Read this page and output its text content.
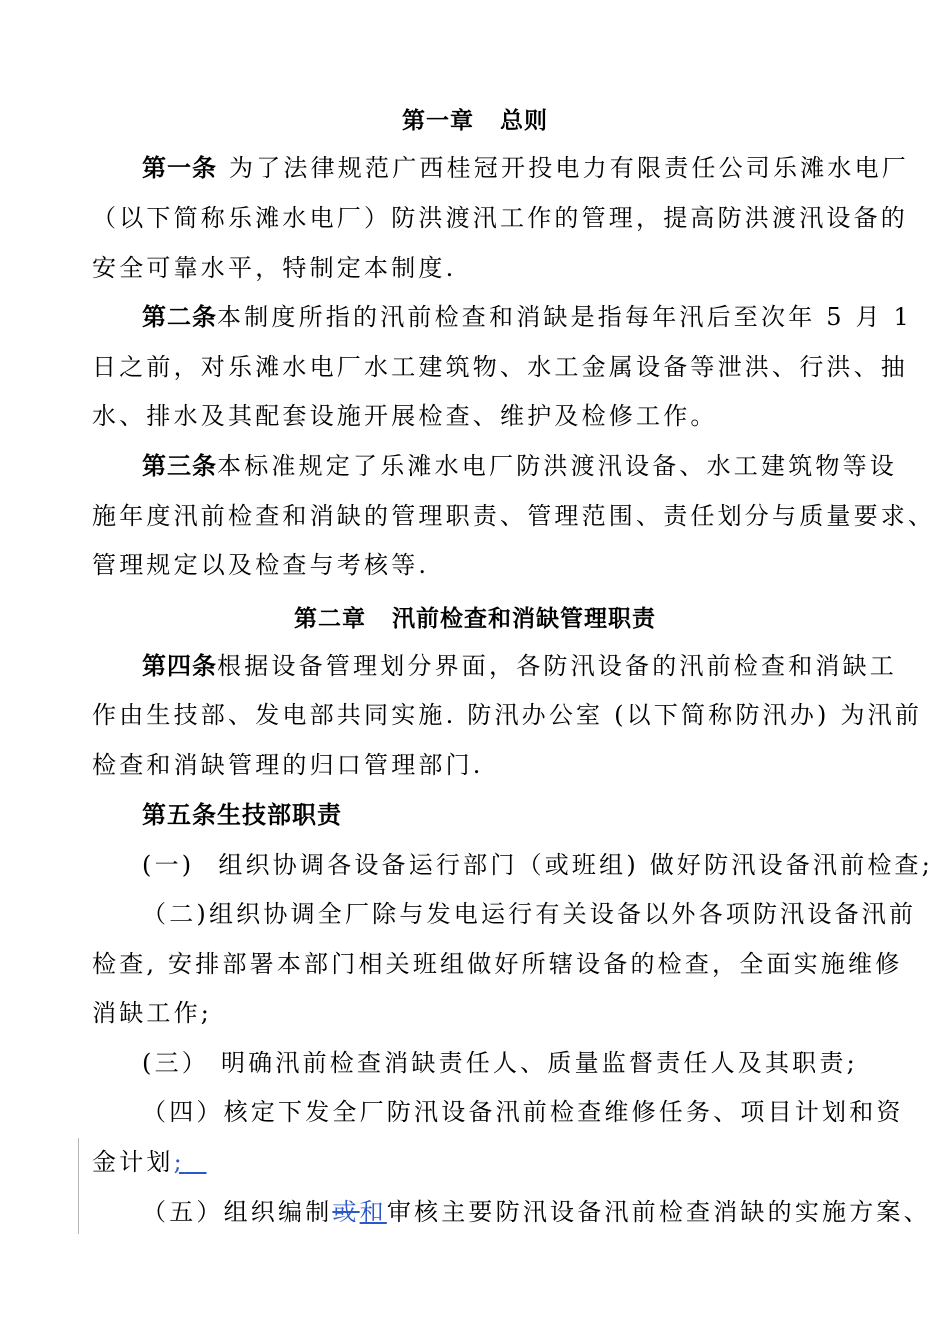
第一章 总则
第一条 为了法律规范广西桂冠开投电力有限责任公司乐滩水电厂
（以下简称乐滩水电厂）防洪渡汛工作的管理，提高防洪渡汛设备的
安全可靠水平，特制定本制度.
第二条本制度所指的汛前检查和消缺是指每年汛后至次年 5 月 1
日之前，对乐滩水电厂水工建筑物、水工金属设备等泄洪、行洪、抽
水、排水及其配套设施开展检查、维护及检修工作。
第三条本标准规定了乐滩水电厂防洪渡汛设备、水工建筑物等设
施年度汛前检查和消缺的管理职责、管理范围、责任划分与质量要求、
管理规定以及检查与考核等.
第二章 汛前检查和消缺管理职责
第四条根据设备管理划分界面，各防汛设备的汛前检查和消缺工
作由生技部、发电部共同实施. 防汛办公室 (以下简称防汛办) 为汛前
检查和消缺管理的归口管理部门.
第五条生技部职责
(一) 组织协调各设备运行部门（或班组) 做好防汛设备汛前检查;
（二)组织协调全厂除与发电运行有关设备以外各项防汛设备汛前
检查, 安排部署本部门相关班组做好所辖设备的检查，全面实施维修
消缺工作;
(三） 明确汛前检查消缺责任人、质量监督责任人及其职责;
（四）核定下发全厂防汛设备汛前检查维修任务、项目计划和资
金计划;
（五）组织编制或和审核主要防汛设备汛前检查消缺的实施方案、
